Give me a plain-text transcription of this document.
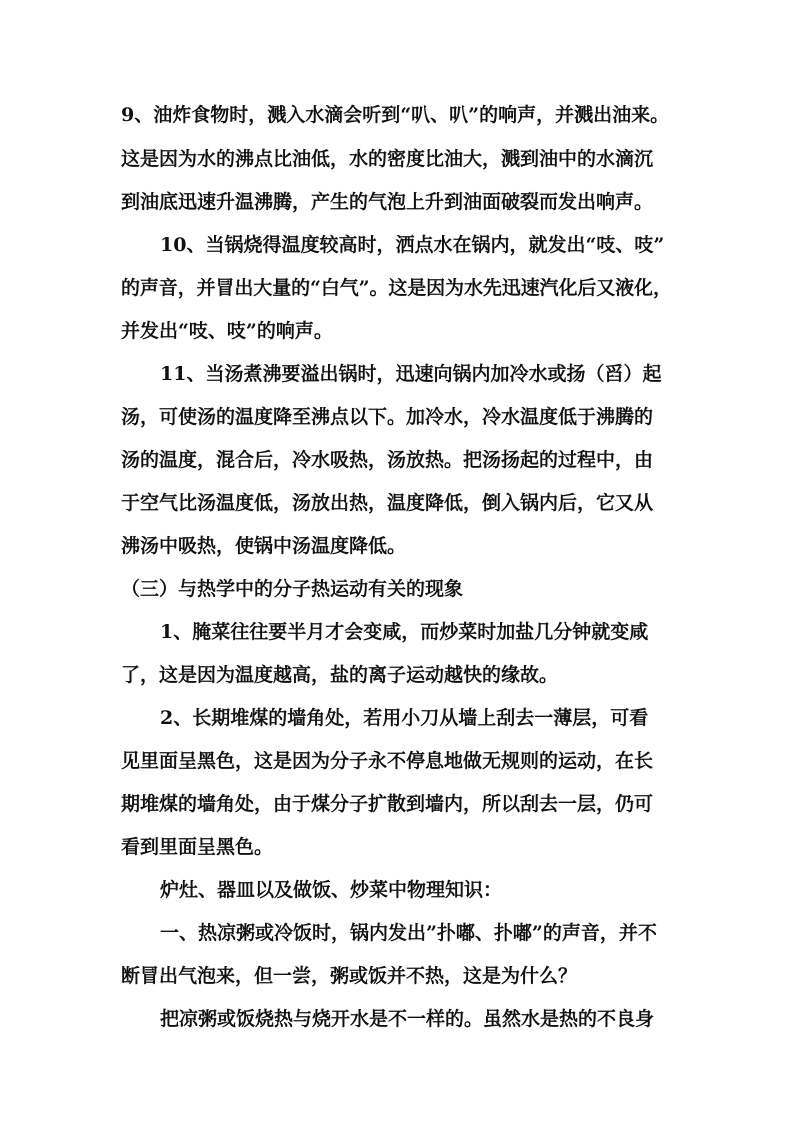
9、油炸食物时，溅入水滴会听到“叭、叭”的响声，并溅出油来。
这是因为水的沸点比油低，水的密度比油大，溅到油中的水滴沉
到油底迅速升温沸腾，产生的气泡上升到油面破裂而发出响声。
10、当锅烧得温度较高时，洒点水在锅内，就发出“吱、吱”
的声音，并冒出大量的“白气”。这是因为水先迅速汽化后又液化，
并发出“吱、吱”的响声。
11、当汤煮沸要溢出锅时，迅速向锅内加冷水或扬（舀）起
汤，可使汤的温度降至沸点以下。加冷水，冷水温度低于沸腾的
汤的温度，混合后，冷水吸热，汤放热。把汤扬起的过程中，由
于空气比汤温度低，汤放出热，温度降低，倒入锅内后，它又从
沸汤中吸热，使锅中汤温度降低。
（三）与热学中的分子热运动有关的现象
1、腌菜往往要半月才会变咸，而炒菜时加盐几分钟就变咸
了，这是因为温度越高，盐的离子运动越快的缘故。
2、长期堆煤的墙角处，若用小刀从墙上刮去一薄层，可看
见里面呈黑色，这是因为分子永不停息地做无规则的运动，在长
期堆煤的墙角处，由于煤分子扩散到墙内，所以刮去一层，仍可
看到里面呈黑色。
炉灶、器皿以及做饭、炒菜中物理知识：
一、热凉粥或冷饭时，锅内发出”扑嘟、扑嘟”的声音，并不
断冒出气泡来，但一尝，粥或饭并不热，这是为什么？
把凉粥或饭烧热与烧开水是不一样的。虽然水是热的不良身
